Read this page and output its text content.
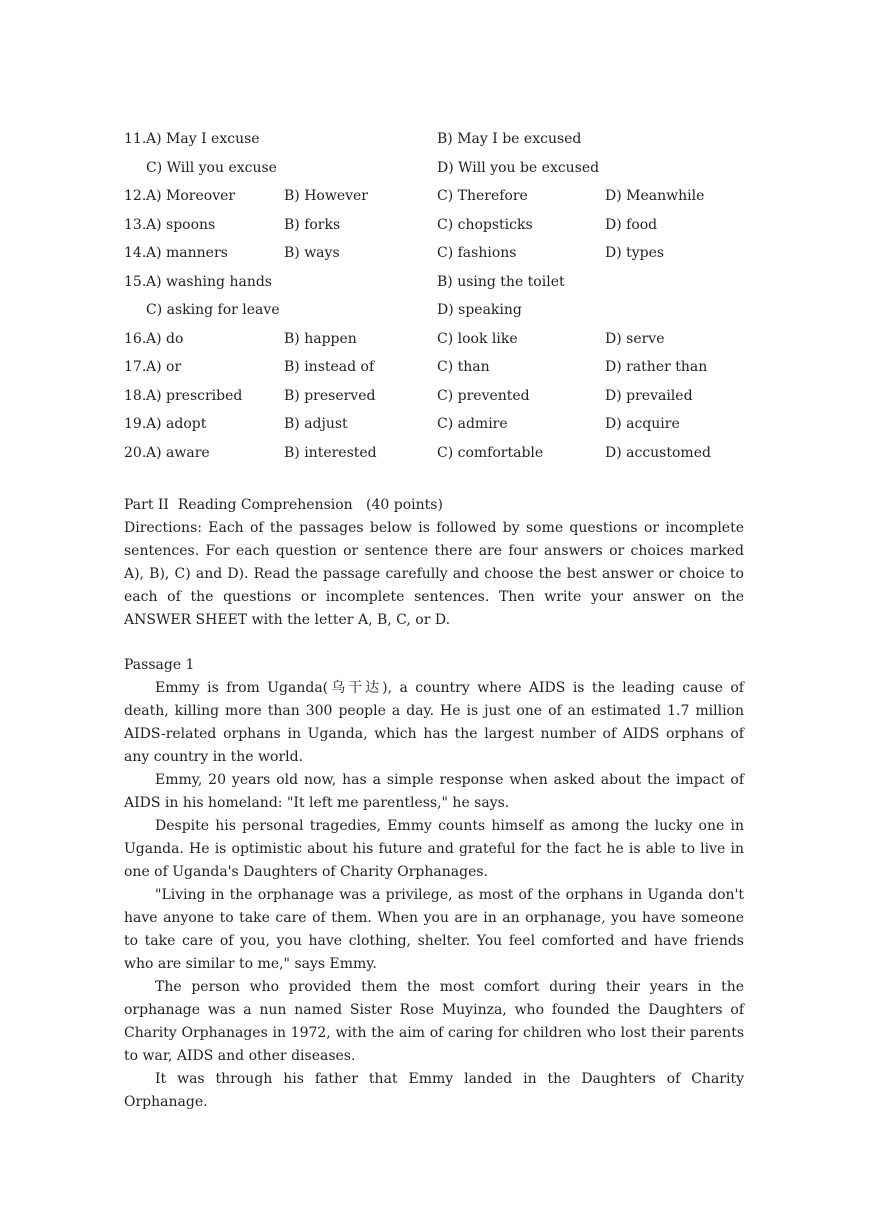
11. A) May I excuse	B) May I be excused
C) Will you excuse	D) Will you be excused
12. A) Moreover	B) However	C) Therefore	D) Meanwhile
13. A) spoons	B) forks	C) chopsticks	D) food
14. A) manners	B) ways	C) fashions	D) types
15. A) washing hands	B) using the toilet
C) asking for leave	D) speaking
16. A) do	B) happen	C) look like	D) serve
17. A) or	B) instead of	C) than	D) rather than
18. A) prescribed	B) preserved	C) prevented	D) prevailed
19. A) adopt	B) adjust	C) admire	D) acquire
20. A) aware	B) interested	C) comfortable	D) accustomed
Part II  Reading Comprehension   (40 points)
Directions: Each of the passages below is followed by some questions or incomplete sentences. For each question or sentence there are four answers or choices marked A), B), C) and D). Read the passage carefully and choose the best answer or choice to each of the questions or incomplete sentences. Then write your answer on the ANSWER SHEET with the letter A, B, C, or D.
Passage 1

Emmy is from Uganda(乌干达), a country where AIDS is the leading cause of death, killing more than 300 people a day. He is just one of an estimated 1.7 million AIDS-related orphans in Uganda, which has the largest number of AIDS orphans of any country in the world.

Emmy, 20 years old now, has a simple response when asked about the impact of AIDS in his homeland: "It left me parentless," he says.

Despite his personal tragedies, Emmy counts himself as among the lucky one in Uganda. He is optimistic about his future and grateful for the fact he is able to live in one of Uganda's Daughters of Charity Orphanages.

"Living in the orphanage was a privilege, as most of the orphans in Uganda don't have anyone to take care of them. When you are in an orphanage, you have someone to take care of you, you have clothing, shelter. You feel comforted and have friends who are similar to me," says Emmy.

The person who provided them the most comfort during their years in the orphanage was a nun named Sister Rose Muyinza, who founded the Daughters of Charity Orphanages in 1972, with the aim of caring for children who lost their parents to war, AIDS and other diseases.

It was through his father that Emmy landed in the Daughters of Charity Orphanage.
